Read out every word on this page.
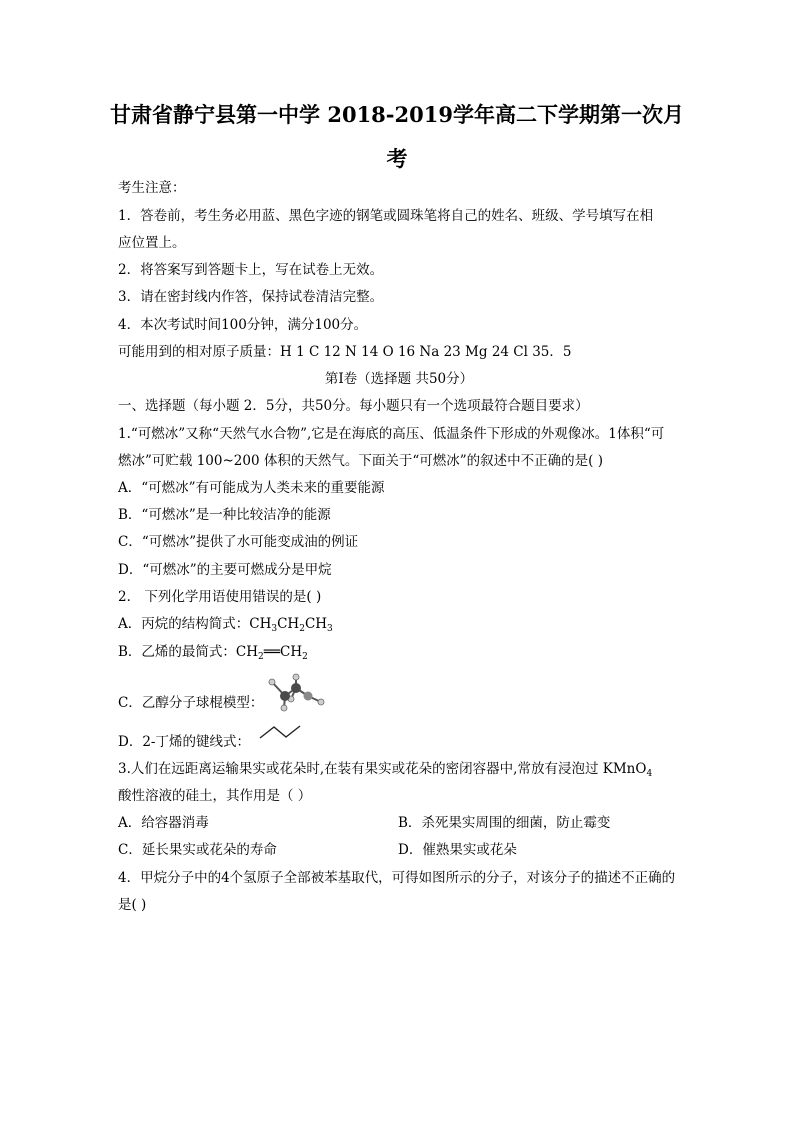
甘肃省静宁县第一中学 2018-2019学年高二下学期第一次月
考
考生注意：
1．答卷前，考生务必用蓝、黑色字迹的钢笔或圆珠笔将自己的姓名、班级、学号填写在相
应位置上。
2．将答案写到答题卡上，写在试卷上无效。
3．请在密封线内作答，保持试卷清洁完整。
4．本次考试时间100分钟，满分100分。
可能用到的相对原子质量：H 1 C 12 N 14 O 16 Na 23 Mg 24 Cl 35．5
第Ⅰ卷（选择题 共50分）
一、选择题（每小题 2．5分，共50分。每小题只有一个选项最符合题目要求）
1.“可燃冰”又称“天然气水合物”,它是在海底的高压、低温条件下形成的外观像冰。1体积“可
燃冰”可贮载 100~200 体积的天然气。下面关于“可燃冰”的叙述中不正确的是( )
A．“可燃冰”有可能成为人类未来的重要能源
B．“可燃冰”是一种比较洁净的能源
C．“可燃冰”提供了水可能变成油的例证
D．“可燃冰”的主要可燃成分是甲烷
2． 下列化学用语使用错误的是( )
A．丙烷的结构简式：$CH_3CH_2CH_3$
B．乙烯的最简式：$CH_2══CH_2$
C．乙醇分子球棍模型：
D．2-丁烯的键线式：
3.人们在远距离运输果实或花朵时,在装有果实或花朵的密闭容器中,常放有浸泡过 KMnO$_4$
酸性溶液的硅土，其作用是（ ）
A．给容器消毒	B．杀死果实周围的细菌，防止霉变
C．延长果实或花朵的寿命	D．催熟果实或花朵
4．甲烷分子中的4个氢原子全部被苯基取代，可得如图所示的分子，对该分子的描述不正确的
是( )
